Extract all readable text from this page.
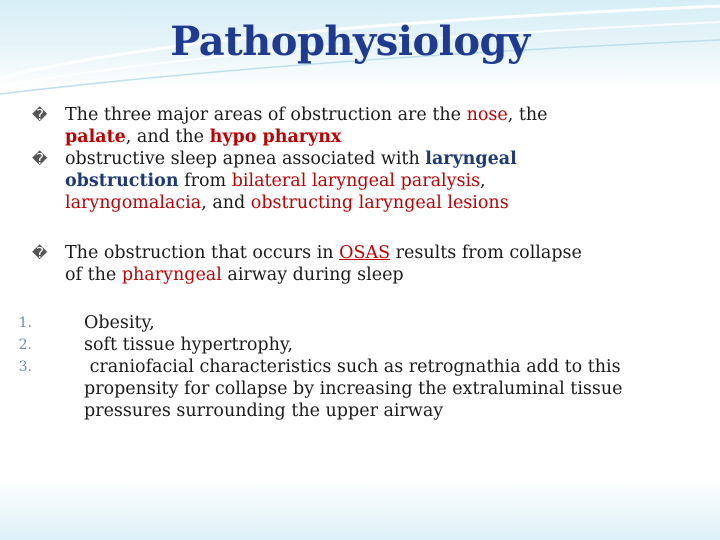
Pathophysiology
� The three major areas of obstruction are the nose, the
palate, and the hypo pharynx
� obstructive sleep apnea associated with laryngeal
obstruction from bilateral laryngeal paralysis,
laryngomalacia, and obstructing laryngeal lesions
� The obstruction that occurs in OSAS results from collapse
of the pharyngeal airway during sleep
1.	Obesity,
2.	soft tissue hypertrophy,
3.	craniofacial characteristics such as retrognathia add to this propensity for collapse by increasing the extraluminal tissue pressures surrounding the upper airway
